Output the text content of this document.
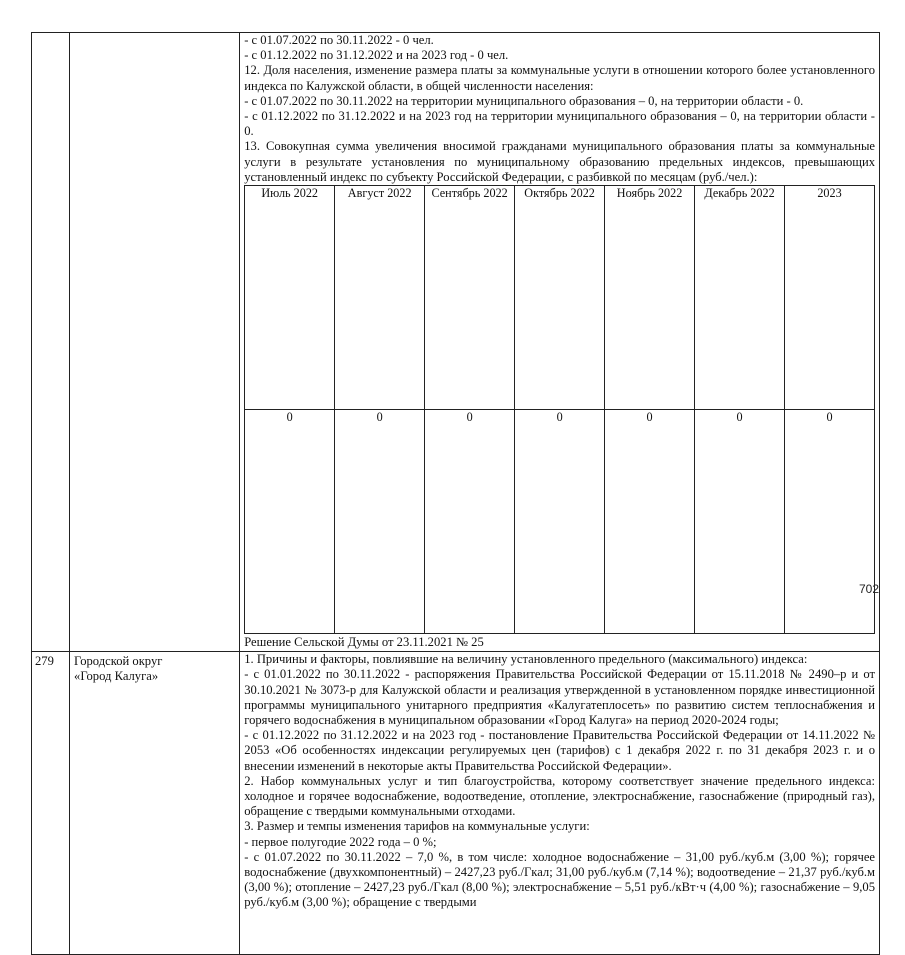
- с 01.07.2022 по 30.11.2022 - 0 чел.

- с 01.12.2022 по 31.12.2022 и на 2023 год - 0 чел.

12. Доля населения, изменение размера платы за коммунальные услуги в отношении которого более установленного индекса по Калужской области, в общей численности населения:

- с 01.07.2022 по 30.11.2022 на территории муниципального образования – 0, на территории области - 0.

- с 01.12.2022 по 31.12.2022 и на 2023 год на территории муниципального образования – 0, на территории области - 0.

13. Совокупная сумма увеличения вносимой гражданами муниципального образования платы за коммунальные услуги в результате установления по муниципальному образованию предельных индексов, превышающих установленный индекс по субъекту Российской Федерации, с разбивкой по месяцам (руб./чел.):

Июль 2022	Август 2022	Сентябрь 2022	Октябрь 2022	Ноябрь 2022	Декабрь 2022	2023
0	0	0	0	0	0	0

Решение Сельской Думы от 23.11.2021 № 25

279	Городской округ
«Город Калуга»

1. Причины и факторы, повлиявшие на величину установленного предельного (максимального) индекса:

- с 01.01.2022 по 30.11.2022 - распоряжения Правительства Российской Федерации от 15.11.2018 № 2490–р и от 30.10.2021 № 3073-р для Калужской области и реализация утвержденной в установленном порядке инвестиционной программы муниципального унитарного предприятия «Калугатеплосеть» по развитию систем теплоснабжения и горячего водоснабжения в муниципальном образовании «Город Калуга» на период 2020-2024 годы;

- с 01.12.2022 по 31.12.2022 и на 2023 год - постановление Правительства Российской Федерации от 14.11.2022 № 2053 «Об особенностях индексации регулируемых цен (тарифов) с 1 декабря 2022 г. по 31 декабря 2023 г. и о внесении изменений в некоторые акты Правительства Российской Федерации».

2. Набор коммунальных услуг и тип благоустройства, которому соответствует значение предельного индекса: холодное и горячее водоснабжение, водоотведение, отопление, электроснабжение, газоснабжение (природный газ), обращение с твердыми коммунальными отходами.

3. Размер и темпы изменения тарифов на коммунальные услуги:

- первое полугодие 2022 года – 0 %;

- с 01.07.2022 по 30.11.2022 – 7,0 %, в том числе: холодное водоснабжение – 31,00 руб./куб.м (3,00 %); горячее водоснабжение (двухкомпонентный) – 2427,23 руб./Гкал; 31,00 руб./куб.м (7,14 %); водоотведение – 21,37 руб./куб.м (3,00 %); отопление – 2427,23 руб./Гкал (8,00 %); электроснабжение – 5,51 руб./кВт·ч (4,00 %); газоснабжение – 9,05 руб./куб.м (3,00 %); обращение с твердыми

702
